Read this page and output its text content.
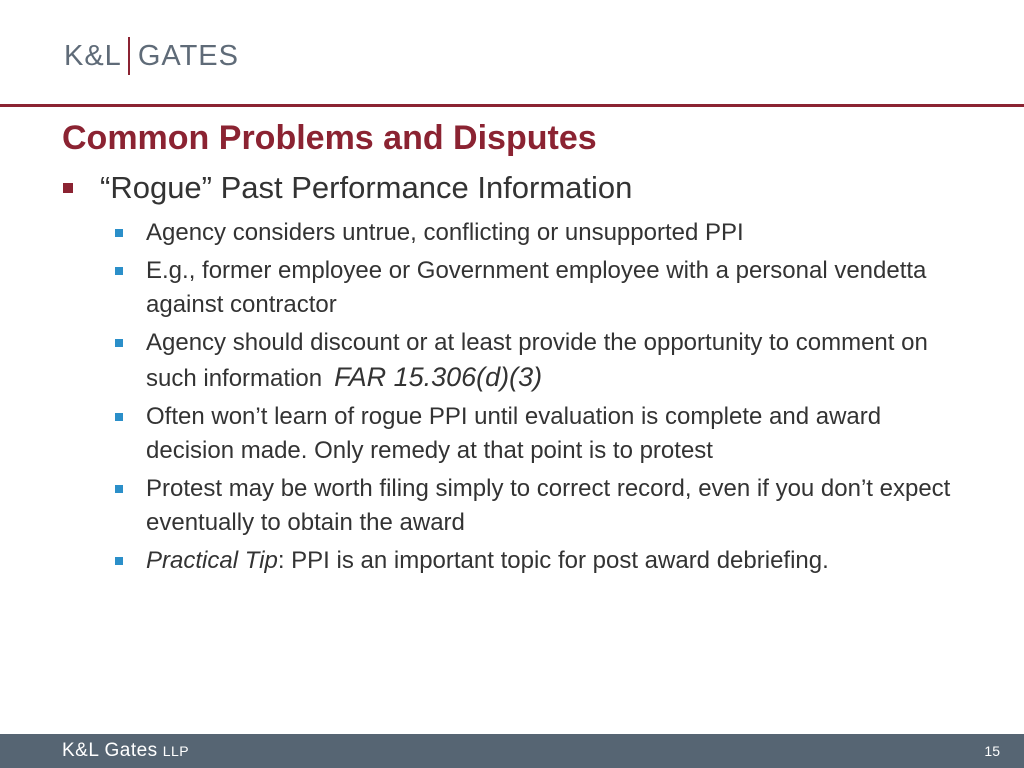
K&L GATES
Common Problems and Disputes
“Rogue” Past Performance Information
Agency considers untrue, conflicting or unsupported PPI
E.g., former employee or Government employee with a personal vendetta against contractor
Agency should discount or at least provide the opportunity to comment on such information FAR 15.306(d)(3)
Often won’t learn of rogue PPI until evaluation is complete and award decision made. Only remedy at that point is to protest
Protest may be worth filing simply to correct record, even if you don’t expect eventually to obtain the award
Practical Tip: PPI is an important topic for post award debriefing.
K&L Gates LLP	15
